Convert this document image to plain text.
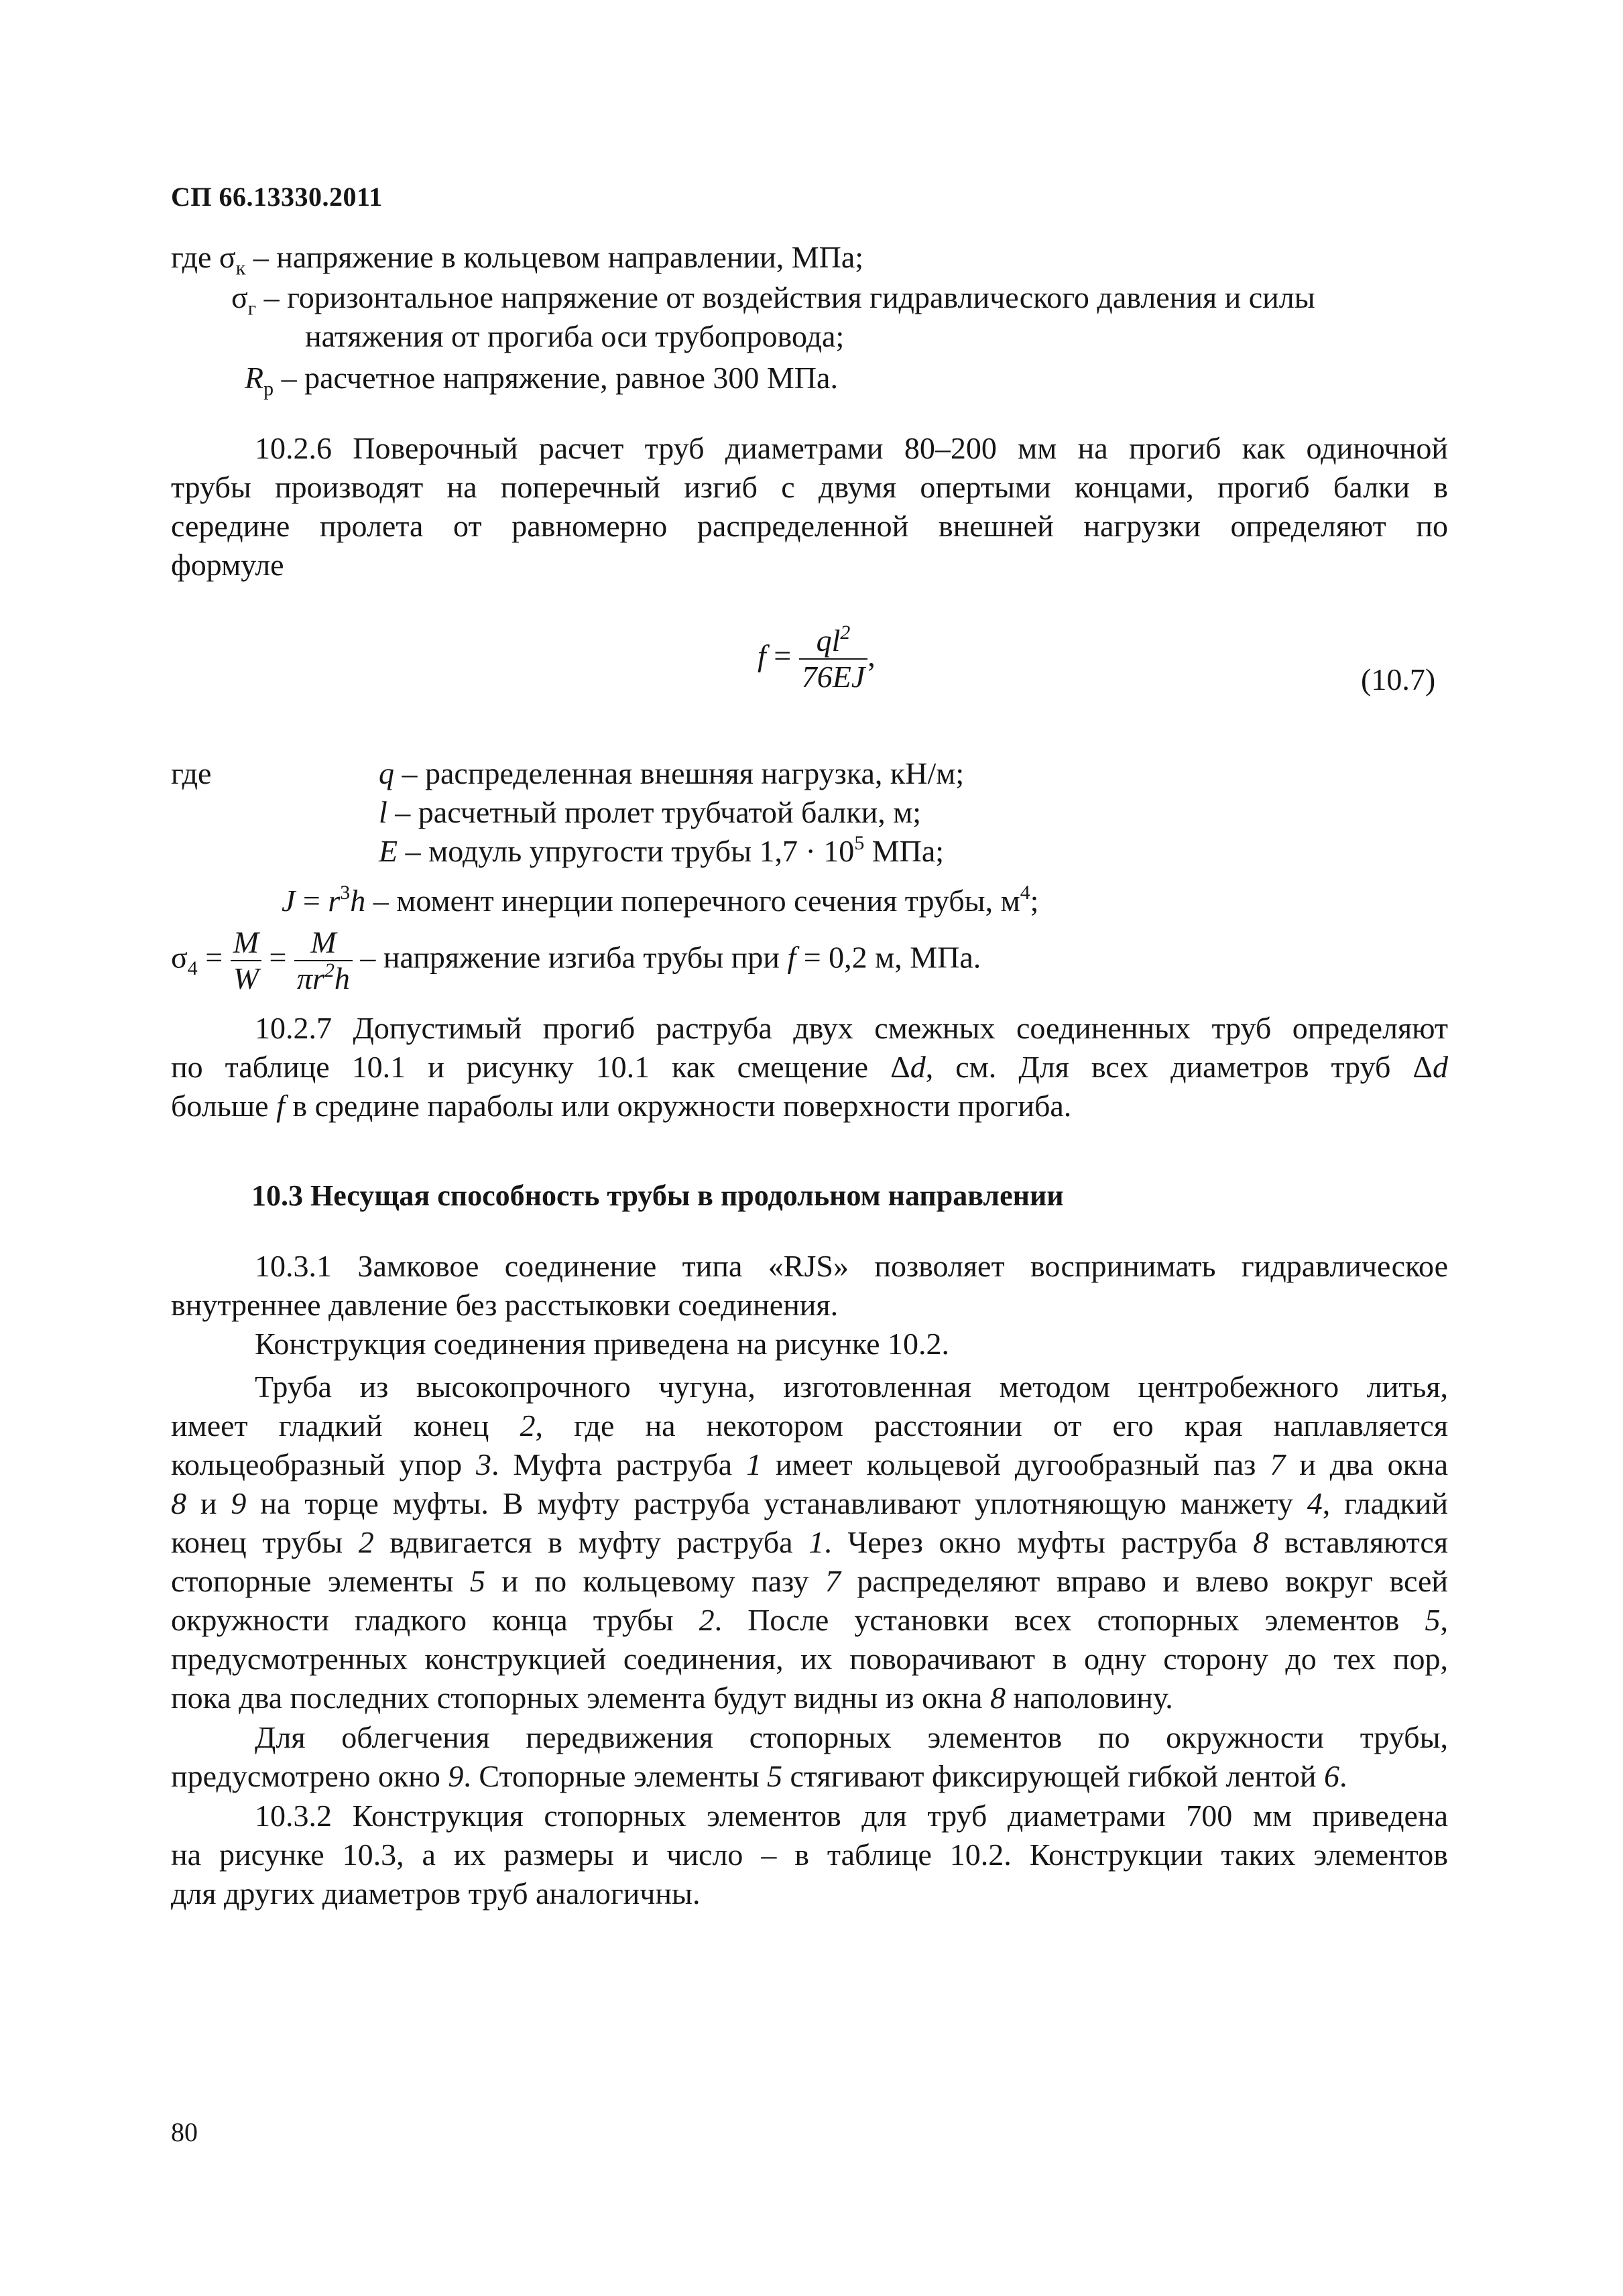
СП 66.13330.2011
где $\sigma_к$ – напряжение в кольцевом направлении, МПа;
$\sigma_г$ – горизонтальное напряжение от воздействия гидравлического давления и силы
натяжения от прогиба оси трубопровода;
$R_р$ – расчетное напряжение, равное 300 МПа.
10.2.6 Поверочный расчет труб диаметрами 80–200 мм на прогиб как одиночной
трубы производят на поперечный изгиб с двумя опертыми концами, прогиб балки в
середине пролета от равномерно распределенной внешней нагрузки определяют по
формуле
$f = \frac{ql^2}{76EJ}$ ,
(10.7)
где	q – распределенная внешняя нагрузка, кН/м;
l – расчетный пролет трубчатой балки, м;
E – модуль упругости трубы $1,7 \cdot 10^5$ МПа;
$J = r^3h$ – момент инерции поперечного сечения трубы, $м^4$;
$\sigma_4 = \frac{M}{W} = \frac{M}{\pi r^2h}$ – напряжение изгиба трубы при f = 0,2 м, МПа.
10.2.7 Допустимый прогиб раструба двух смежных соединенных труб определяют
по таблице 10.1 и рисунку 10.1 как смещение Δd, см. Для всех диаметров труб Δd
больше f в средине параболы или окружности поверхности прогиба.
10.3 Несущая способность трубы в продольном направлении
10.3.1 Замковое соединение типа «RJS» позволяет воспринимать гидравлическое
внутреннее давление без расстыковки соединения.
Конструкция соединения приведена на рисунке 10.2.
Труба из высокопрочного чугуна, изготовленная методом центробежного литья,
имеет гладкий конец 2, где на некотором расстоянии от его края наплавляется
кольцеобразный упор 3. Муфта раструба 1 имеет кольцевой дугообразный паз 7 и два окна
8 и 9 на торце муфты. В муфту раструба устанавливают уплотняющую манжету 4, гладкий
конец трубы 2 вдвигается в муфту раструба 1. Через окно муфты раструба 8 вставляются
стопорные элементы 5 и по кольцевому пазу 7 распределяют вправо и влево вокруг всей
окружности гладкого конца трубы 2. После установки всех стопорных элементов 5,
предусмотренных конструкцией соединения, их поворачивают в одну сторону до тех пор,
пока два последних стопорных элемента будут видны из окна 8 наполовину.
Для облегчения передвижения стопорных элементов по окружности трубы,
предусмотрено окно 9. Стопорные элементы 5 стягивают фиксирующей гибкой лентой 6.
10.3.2 Конструкция стопорных элементов для труб диаметрами 700 мм приведена
на рисунке 10.3, а их размеры и число – в таблице 10.2. Конструкции таких элементов
для других диаметров труб аналогичны.
80
